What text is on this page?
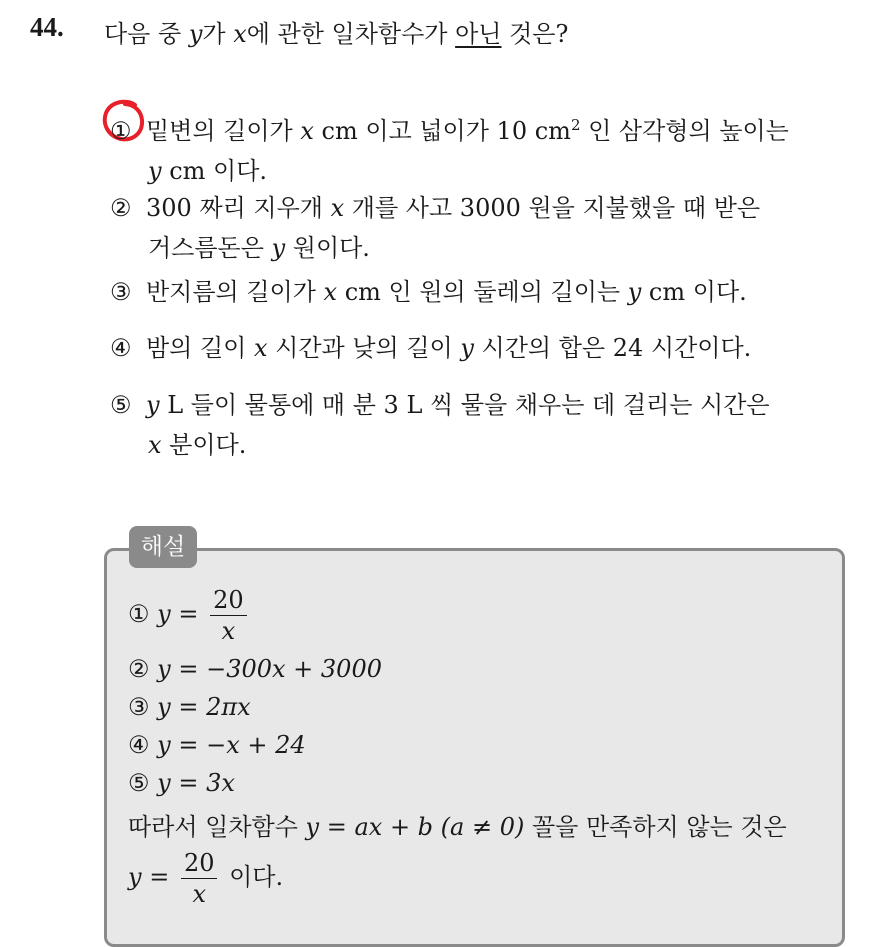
44. 다음 중 y가 x에 관한 일차함수가 아닌 것은?
① 밑변의 길이가 x cm 이고 넓이가 10 $cm^2$ 인 삼각형의 높이는
y cm 이다.
② 300 짜리 지우개 x 개를 사고 3000 원을 지불했을 때 받은
거스름돈은 y 원이다.
③ 반지름의 길이가 x cm 인 원의 둘레의 길이는 y cm 이다.
④ 밤의 길이 x 시간과 낮의 길이 y 시간의 합은 24 시간이다.
⑤ y L 들이 물통에 매 분 3 L 씩 물을 채우는 데 걸리는 시간은
x 분이다.
해설
① $y = \frac{20}{x}$
② y = −300x + 3000
③ y = 2πx
④ y = −x + 24
⑤ y = 3x
따라서 일차함수 y = ax + b (a ≠ 0) 꼴을 만족하지 않는 것은
$y = \frac{20}{x}$ 이다.
